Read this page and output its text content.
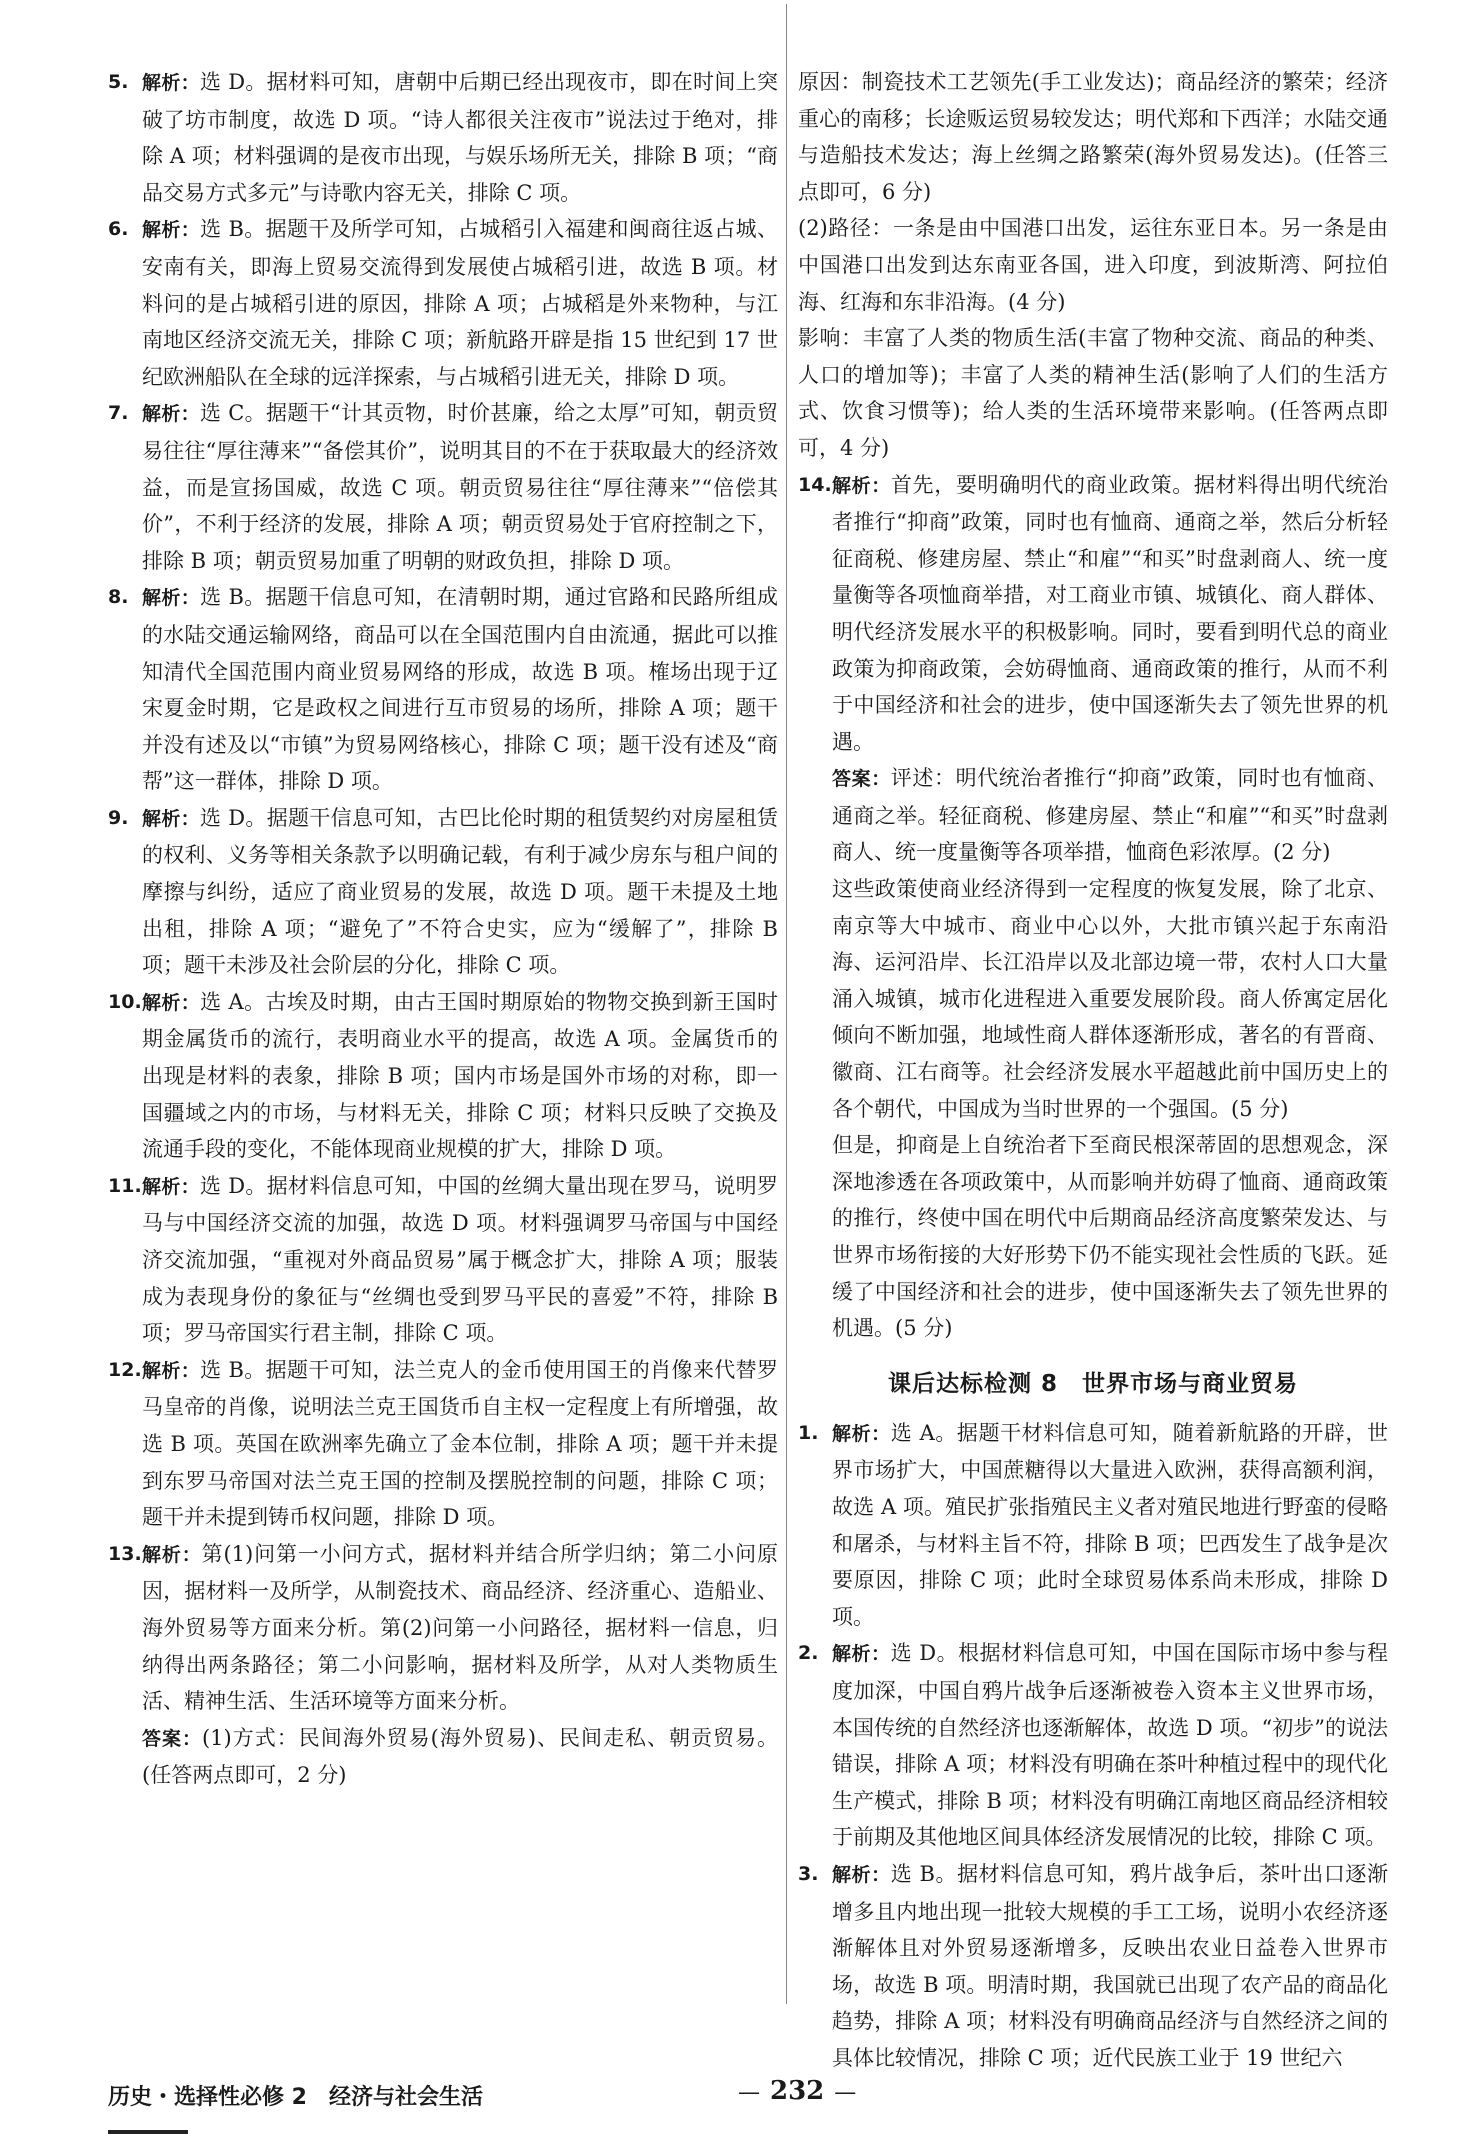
5. 解析：选 D。据材料可知，唐朝中后期已经出现夜市，即在时间上突破了坊市制度，故选 D 项。“诗人都很关注夜市”说法过于绝对，排除 A 项；材料强调的是夜市出现，与娱乐场所无关，排除 B 项；“商品交易方式多元”与诗歌内容无关，排除 C 项。

6. 解析：选 B。据题干及所学可知，占城稻引入福建和闽商往返占城、安南有关，即海上贸易交流得到发展使占城稻引进，故选 B 项。材料问的是占城稻引进的原因，排除 A 项；占城稻是外来物种，与江南地区经济交流无关，排除 C 项；新航路开辟是指 15 世纪到 17 世纪欧洲船队在全球的远洋探索，与占城稻引进无关，排除 D 项。

7. 解析：选 C。据题干“计其贡物，时价甚廉，给之太厚”可知，朝贡贸易往往“厚往薄来”“备偿其价”，说明其目的不在于获取最大的经济效益，而是宣扬国威，故选 C 项。朝贡贸易往往“厚往薄来”“倍偿其价”，不利于经济的发展，排除 A 项；朝贡贸易处于官府控制之下，排除 B 项；朝贡贸易加重了明朝的财政负担，排除 D 项。

8. 解析：选 B。据题干信息可知，在清朝时期，通过官路和民路所组成的水陆交通运输网络，商品可以在全国范围内自由流通，据此可以推知清代全国范围内商业贸易网络的形成，故选 B 项。榷场出现于辽宋夏金时期，它是政权之间进行互市贸易的场所，排除 A 项；题干并没有述及以“市镇”为贸易网络核心，排除 C 项；题干没有述及“商帮”这一群体，排除 D 项。

9. 解析：选 D。据题干信息可知，古巴比伦时期的租赁契约对房屋租赁的权利、义务等相关条款予以明确记载，有利于减少房东与租户间的摩擦与纠纷，适应了商业贸易的发展，故选 D 项。题干未提及土地出租，排除 A 项；“避免了”不符合史实，应为“缓解了”，排除 B 项；题干未涉及社会阶层的分化，排除 C 项。

10. 解析：选 A。古埃及时期，由古王国时期原始的物物交换到新王国时期金属货币的流行，表明商业水平的提高，故选 A 项。金属货币的出现是材料的表象，排除 B 项；国内市场是国外市场的对称，即一国疆域之内的市场，与材料无关，排除 C 项；材料只反映了交换及流通手段的变化，不能体现商业规模的扩大，排除 D 项。

11. 解析：选 D。据材料信息可知，中国的丝绸大量出现在罗马，说明罗马与中国经济交流的加强，故选 D 项。材料强调罗马帝国与中国经济交流加强，“重视对外商品贸易”属于概念扩大，排除 A 项；服装成为表现身份的象征与“丝绸也受到罗马平民的喜爱”不符，排除 B 项；罗马帝国实行君主制，排除 C 项。

12. 解析：选 B。据题干可知，法兰克人的金币使用国王的肖像来代替罗马皇帝的肖像，说明法兰克王国货币自主权一定程度上有所增强，故选 B 项。英国在欧洲率先确立了金本位制，排除 A 项；题干并未提到东罗马帝国对法兰克王国的控制及摆脱控制的问题，排除 C 项；题干并未提到铸币权问题，排除 D 项。

13. 解析：第(1)问第一小问方式，据材料并结合所学归纳；第二小问原因，据材料一及所学，从制瓷技术、商品经济、经济重心、造船业、海外贸易等方面来分析。第(2)问第一小问路径，据材料一信息，归纳得出两条路径；第二小问影响，据材料及所学，从对人类物质生活、精神生活、生活环境等方面来分析。

答案：(1)方式：民间海外贸易(海外贸易)、民间走私、朝贡贸易。(任答两点即可，2 分)

原因：制瓷技术工艺领先(手工业发达)；商品经济的繁荣；经济重心的南移；长途贩运贸易较发达；明代郑和下西洋；水陆交通与造船技术发达；海上丝绸之路繁荣(海外贸易发达)。(任答三点即可，6 分)

(2)路径：一条是由中国港口出发，运往东亚日本。另一条是由中国港口出发到达东南亚各国，进入印度，到波斯湾、阿拉伯海、红海和东非沿海。(4 分)

影响：丰富了人类的物质生活(丰富了物种交流、商品的种类、人口的增加等)；丰富了人类的精神生活(影响了人们的生活方式、饮食习惯等)；给人类的生活环境带来影响。(任答两点即可，4 分)

14. 解析：首先，要明确明代的商业政策。据材料得出明代统治者推行“抑商”政策，同时也有恤商、通商之举，然后分析轻征商税、修建房屋、禁止“和雇”“和买”时盘剥商人、统一度量衡等各项恤商举措，对工商业市镇、城镇化、商人群体、明代经济发展水平的积极影响。同时，要看到明代总的商业政策为抑商政策，会妨碍恤商、通商政策的推行，从而不利于中国经济和社会的进步，使中国逐渐失去了领先世界的机遇。

答案：评述：明代统治者推行“抑商”政策，同时也有恤商、通商之举。轻征商税、修建房屋、禁止“和雇”“和买”时盘剥商人、统一度量衡等各项举措，恤商色彩浓厚。(2 分)

这些政策使商业经济得到一定程度的恢复发展，除了北京、南京等大中城市、商业中心以外，大批市镇兴起于东南沿海、运河沿岸、长江沿岸以及北部边境一带，农村人口大量涌入城镇，城市化进程进入重要发展阶段。商人侨寓定居化倾向不断加强，地域性商人群体逐渐形成，著名的有晋商、徽商、江右商等。社会经济发展水平超越此前中国历史上的各个朝代，中国成为当时世界的一个强国。(5 分)

但是，抑商是上自统治者下至商民根深蒂固的思想观念，深深地渗透在各项政策中，从而影响并妨碍了恤商、通商政策的推行，终使中国在明代中后期商品经济高度繁荣发达、与世界市场衔接的大好形势下仍不能实现社会性质的飞跃。延缓了中国经济和社会的进步，使中国逐渐失去了领先世界的机遇。(5 分)

课后达标检测 8　世界市场与商业贸易

1. 解析：选 A。据题干材料信息可知，随着新航路的开辟，世界市场扩大，中国蔗糖得以大量进入欧洲，获得高额利润，故选 A 项。殖民扩张指殖民主义者对殖民地进行野蛮的侵略和屠杀，与材料主旨不符，排除 B 项；巴西发生了战争是次要原因，排除 C 项；此时全球贸易体系尚未形成，排除 D 项。

2. 解析：选 D。根据材料信息可知，中国在国际市场中参与程度加深，中国自鸦片战争后逐渐被卷入资本主义世界市场，本国传统的自然经济也逐渐解体，故选 D 项。“初步”的说法错误，排除 A 项；材料没有明确在茶叶种植过程中的现代化生产模式，排除 B 项；材料没有明确江南地区商品经济相较于前期及其他地区间具体经济发展情况的比较，排除 C 项。

3. 解析：选 B。据材料信息可知，鸦片战争后，茶叶出口逐渐增多且内地出现一批较大规模的手工工场，说明小农经济逐渐解体且对外贸易逐渐增多，反映出农业日益卷入世界市场，故选 B 项。明清时期，我国就已出现了农产品的商品化趋势，排除 A 项；材料没有明确商品经济与自然经济之间的具体比较情况，排除 C 项；近代民族工业于 19 世纪六

历史・选择性必修 2　经济与社会生活	— 232 —
